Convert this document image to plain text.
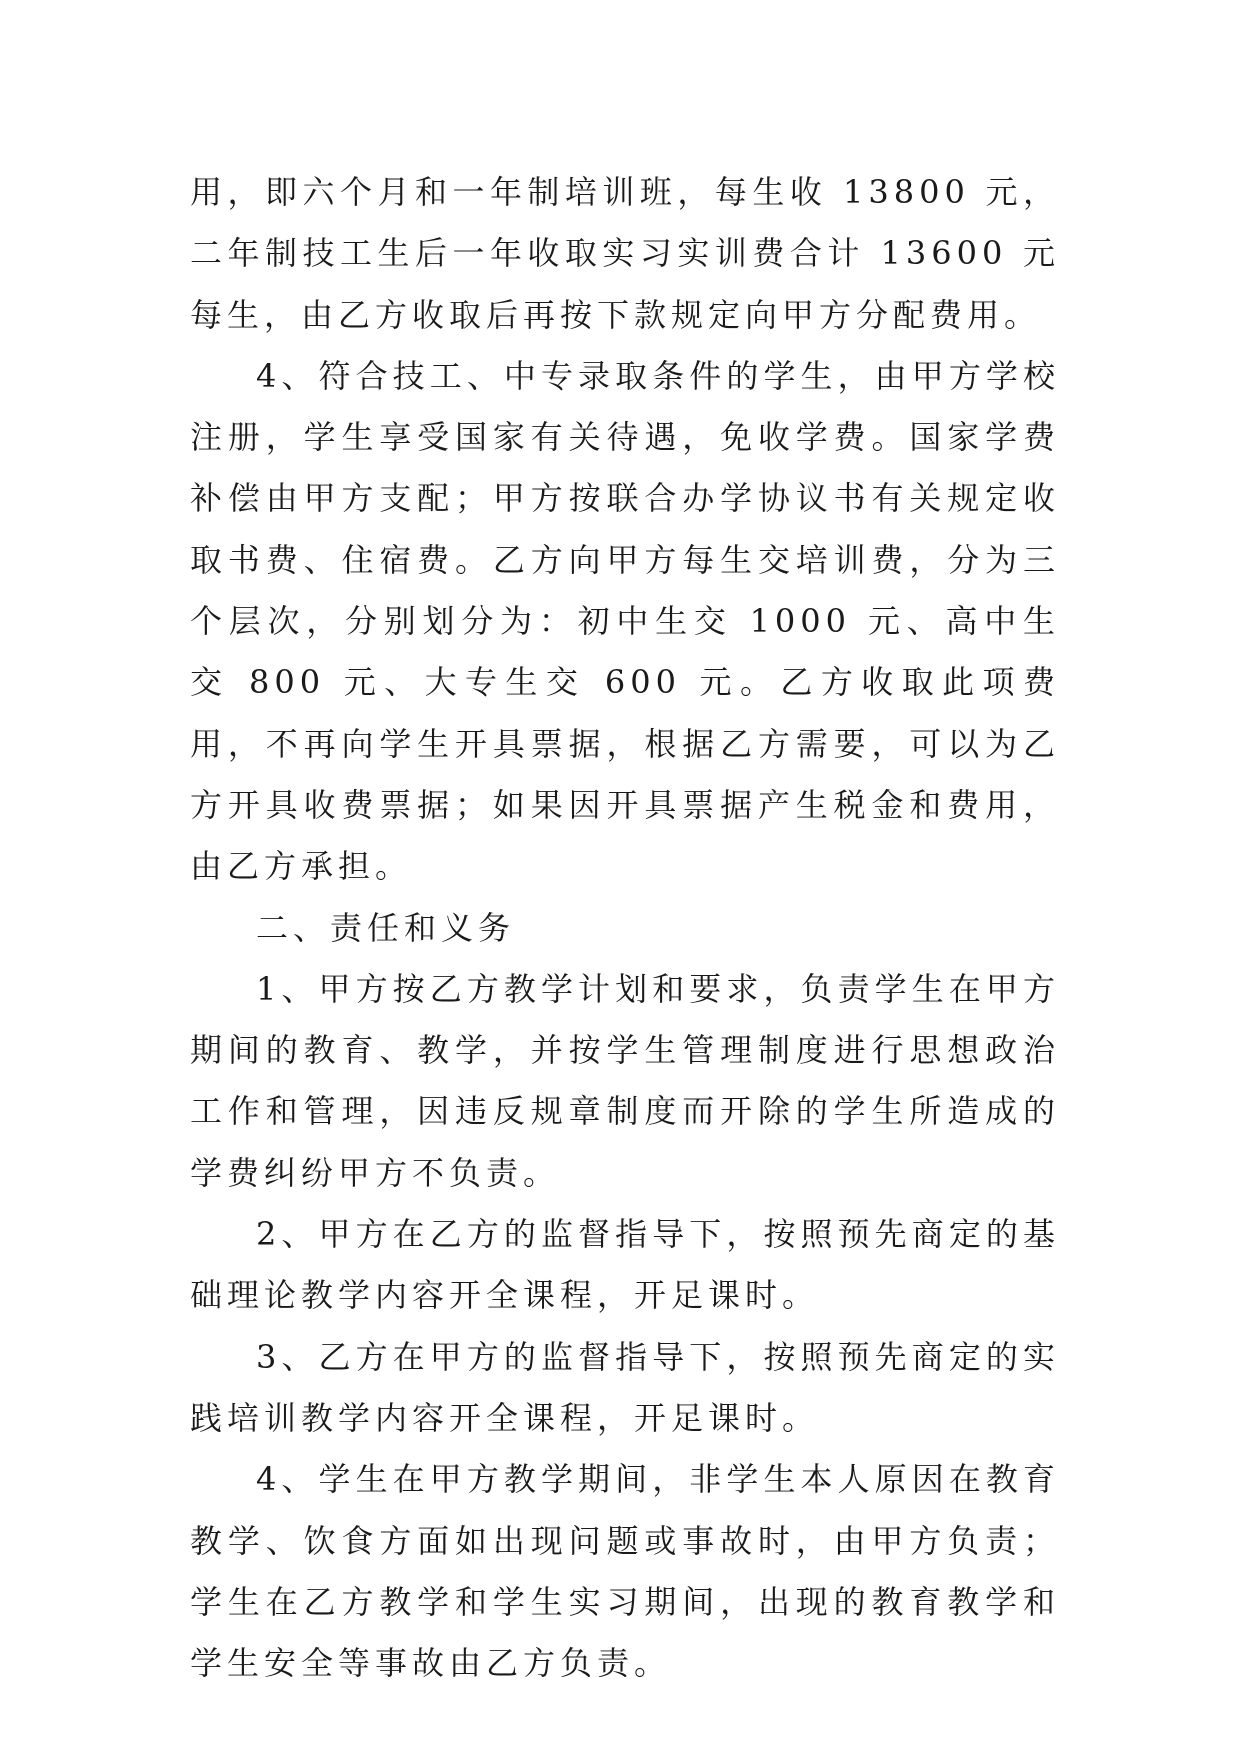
用，即六个月和一年制培训班，每生收 13800 元，二年制技工生后一年收取实习实训费合计 13600 元每生，由乙方收取后再按下款规定向甲方分配费用。

4、符合技工、中专录取条件的学生，由甲方学校注册，学生享受国家有关待遇，免收学费。国家学费补偿由甲方支配；甲方按联合办学协议书有关规定收取书费、住宿费。乙方向甲方每生交培训费，分为三个层次，分别划分为：初中生交 1000 元、高中生交 800 元、大专生交 600 元。乙方收取此项费用，不再向学生开具票据，根据乙方需要，可以为乙方开具收费票据；如果因开具票据产生税金和费用，由乙方承担。

二、责任和义务

1、甲方按乙方教学计划和要求，负责学生在甲方期间的教育、教学，并按学生管理制度进行思想政治工作和管理，因违反规章制度而开除的学生所造成的学费纠纷甲方不负责。

2、甲方在乙方的监督指导下，按照预先商定的基础理论教学内容开全课程，开足课时。

3、乙方在甲方的监督指导下，按照预先商定的实践培训教学内容开全课程，开足课时。

4、学生在甲方教学期间，非学生本人原因在教育教学、饮食方面如出现问题或事故时，由甲方负责；学生在乙方教学和学生实习期间，出现的教育教学和学生安全等事故由乙方负责。
